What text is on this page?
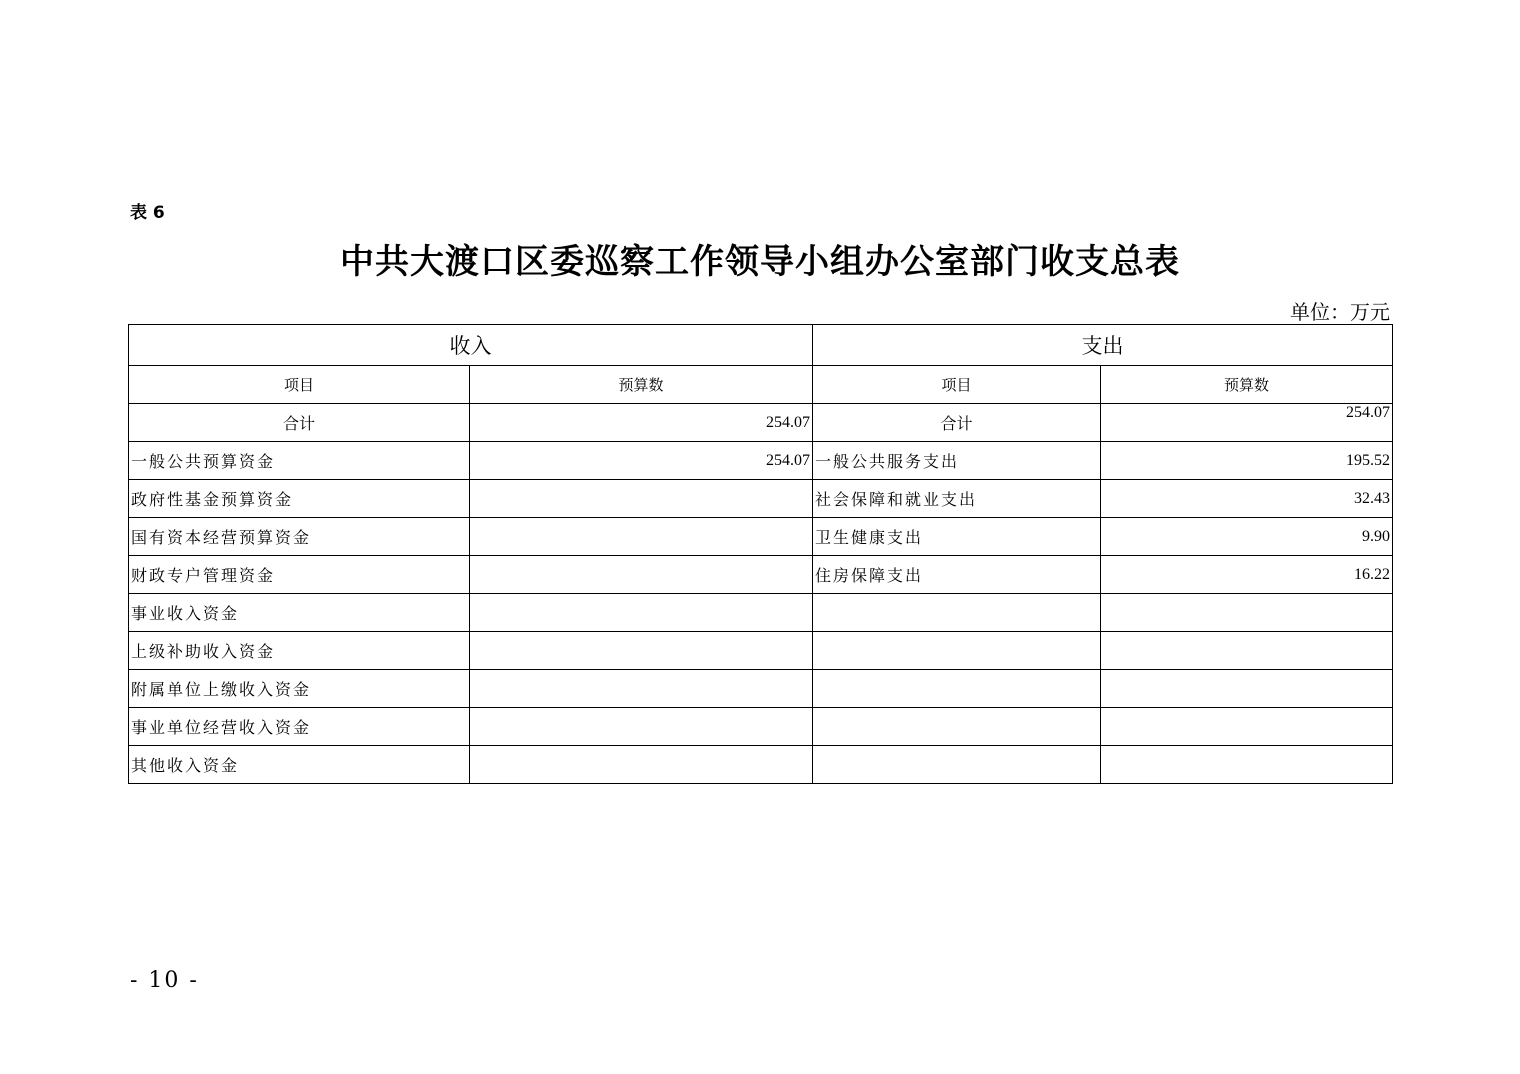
表 6
中共大渡口区委巡察工作领导小组办公室部门收支总表
单位：万元
收入		支出	
项目	预算数	项目	预算数
合计	254.07	合计	254.07
一般公共预算资金	254.07	一般公共服务支出	195.52
政府性基金预算资金		社会保障和就业支出	32.43
国有资本经营预算资金		卫生健康支出	9.90
财政专户管理资金		住房保障支出	16.22
事业收入资金			
上级补助收入资金			
附属单位上缴收入资金			
事业单位经营收入资金			
其他收入资金			
- 10 -
